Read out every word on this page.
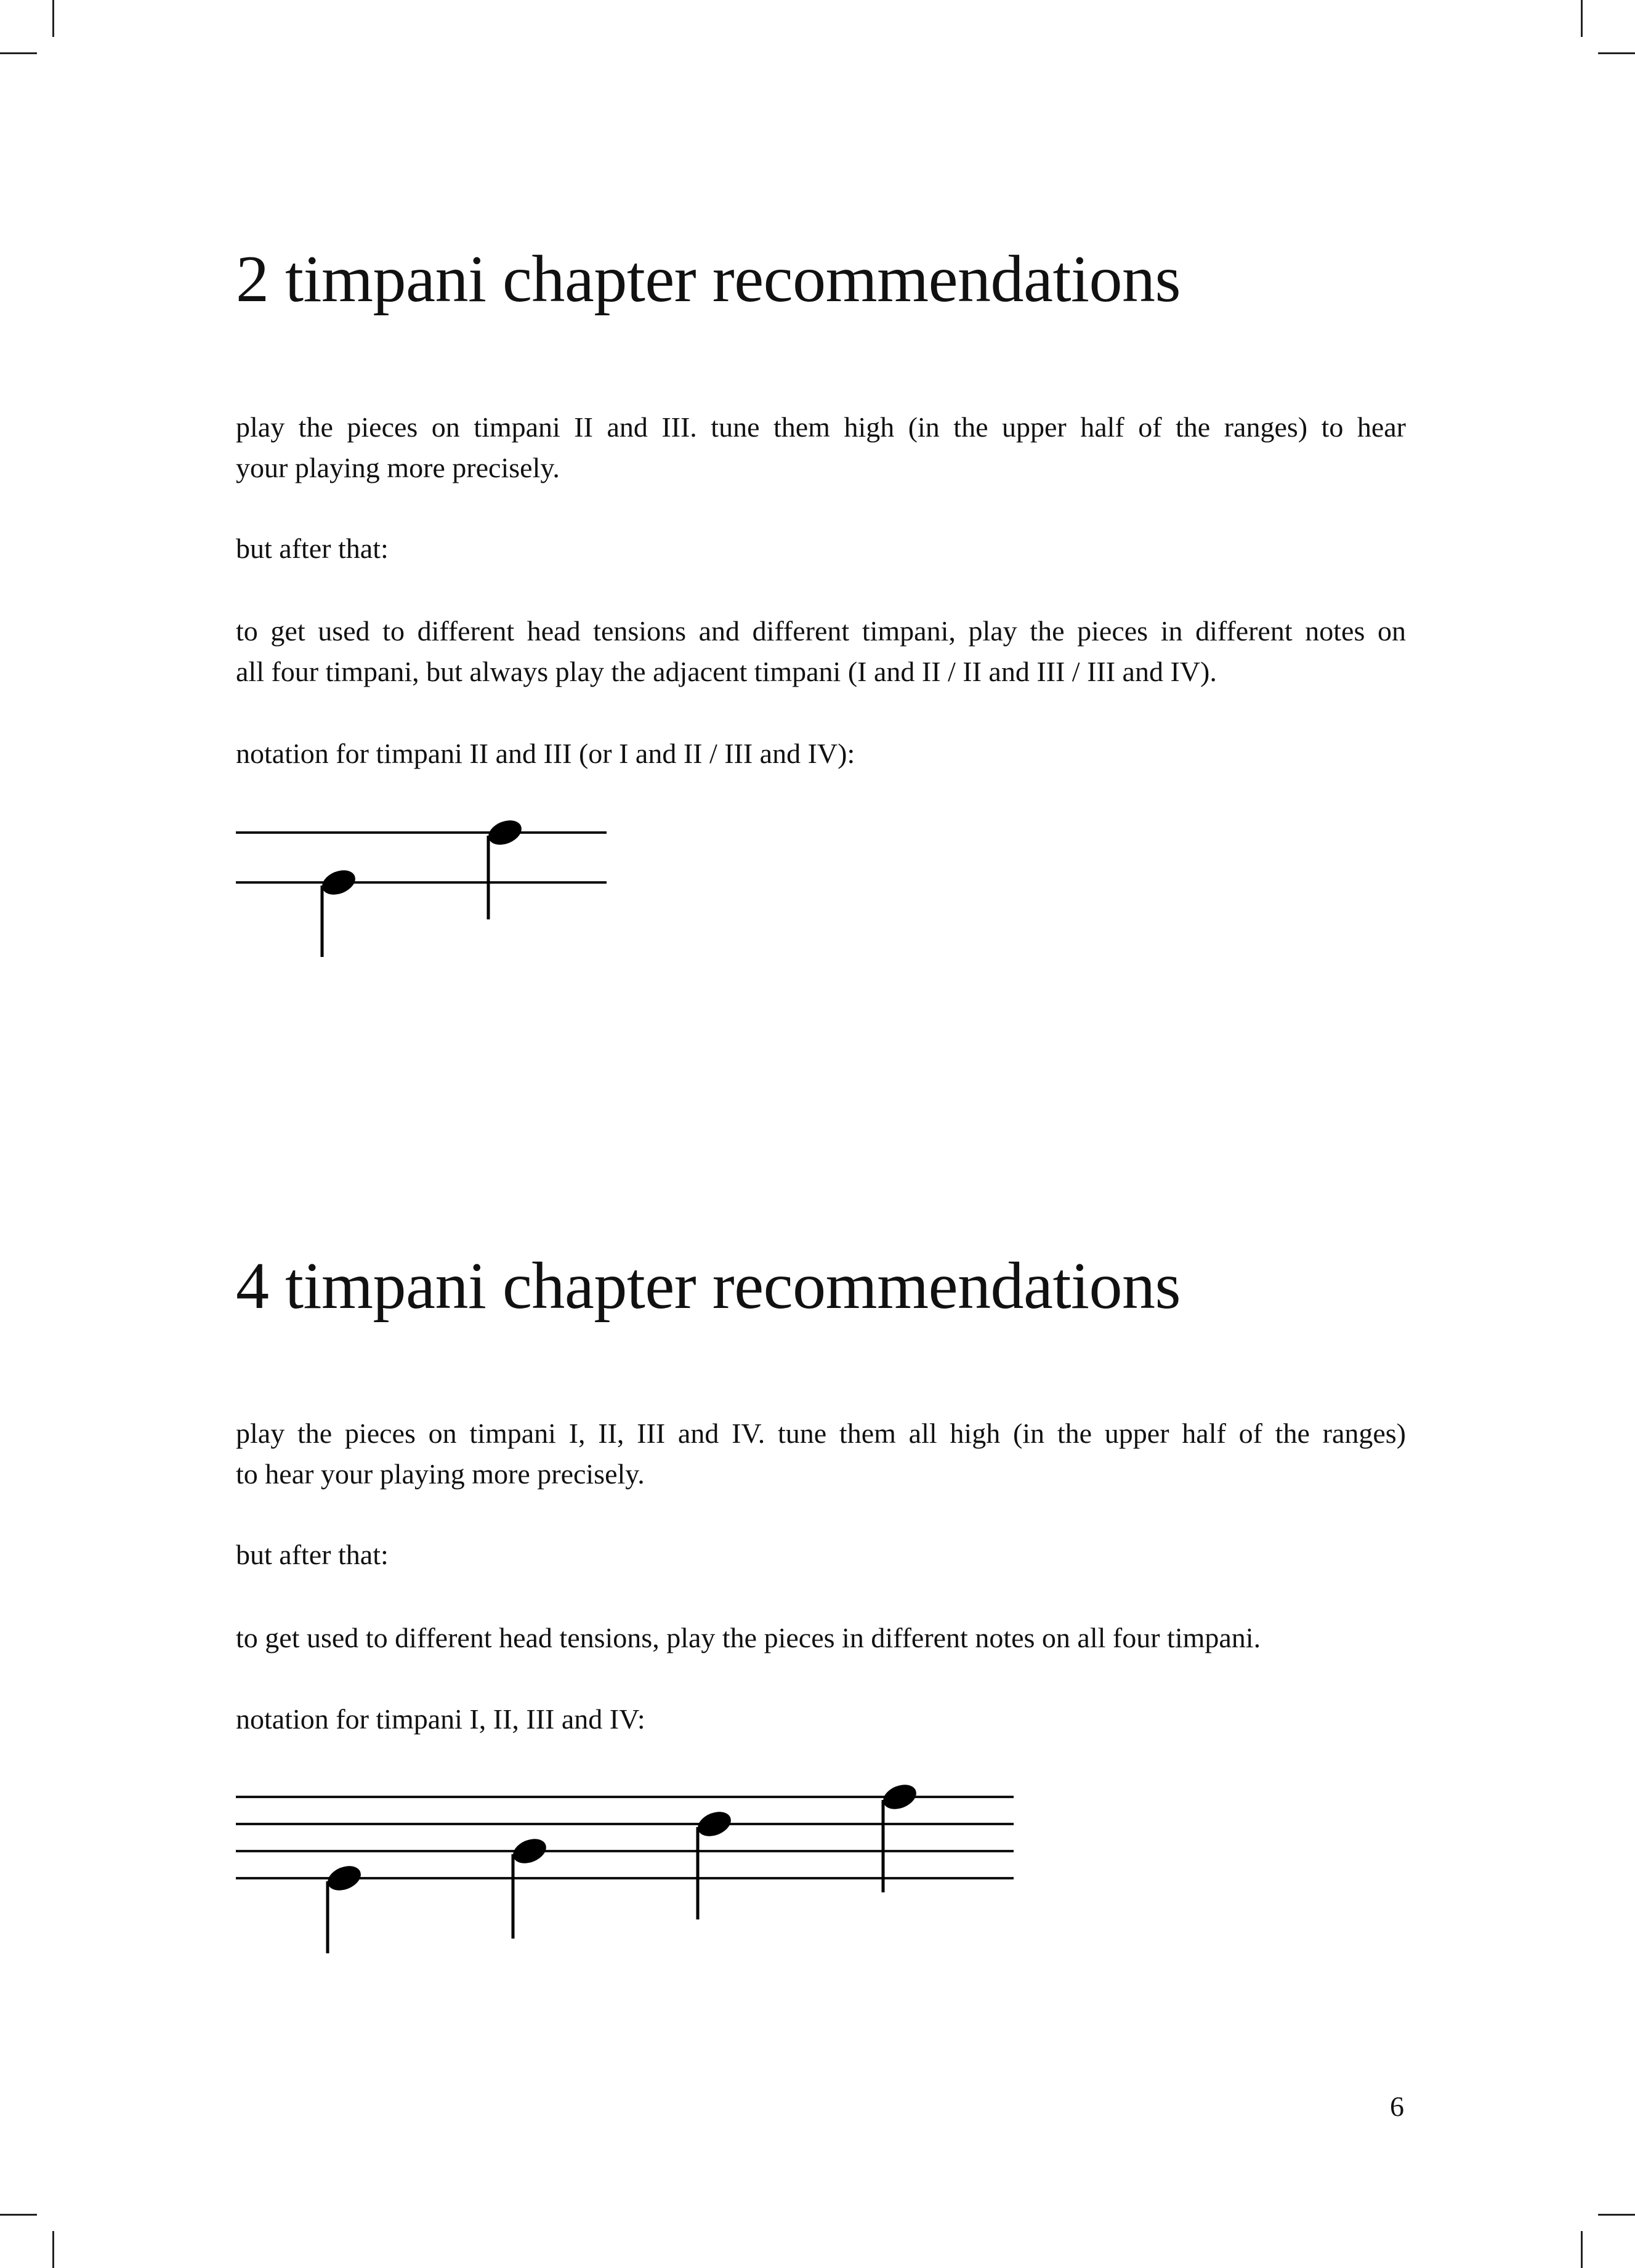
2 timpani chapter recommendations

play the pieces on timpani II and III. tune them high (in the upper half of the ranges) to hear
your playing more precisely.

but after that:

to get used to different head tensions and different timpani, play the pieces in different notes on
all four timpani, but always play the adjacent timpani (I and II / II and III / III and IV).

notation for timpani II and III (or I and II / III and IV):

4 timpani chapter recommendations

play the pieces on timpani I, II, III and IV. tune them all high (in the upper half of the ranges)
to hear your playing more precisely.

but after that:

to get used to different head tensions, play the pieces in different notes on all four timpani.

notation for timpani I, II, III and IV:

6
